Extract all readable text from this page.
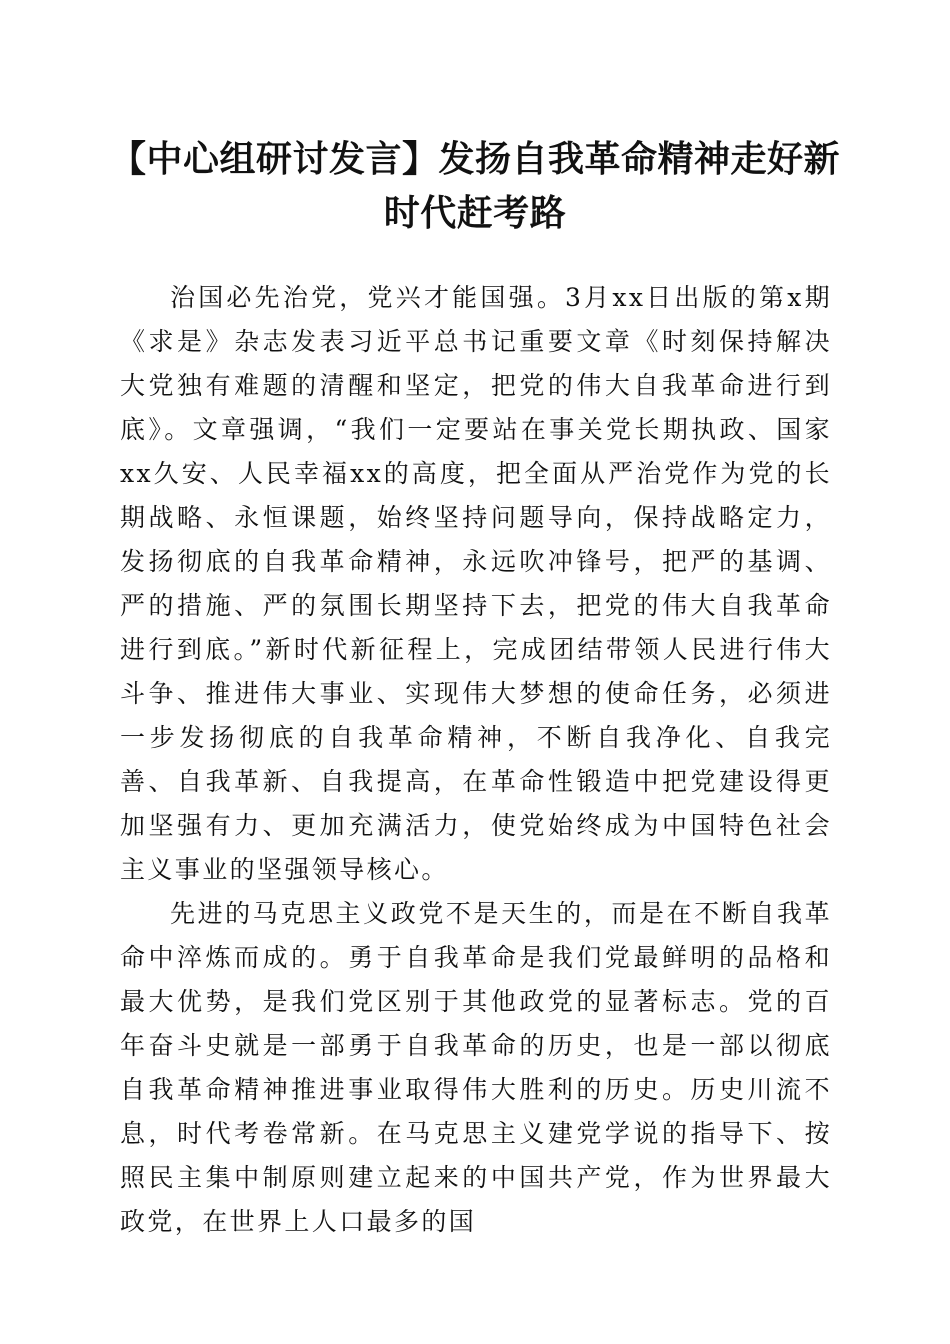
【中心组研讨发言】发扬自我革命精神走好新时代赶考路

治国必先治党，党兴才能国强。3月xx日出版的第x期《求是》杂志发表习近平总书记重要文章《时刻保持解决大党独有难题的清醒和坚定，把党的伟大自我革命进行到底》。文章强调，“我们一定要站在事关党长期执政、国家xx久安、人民幸福xx的高度，把全面从严治党作为党的长期战略、永恒课题，始终坚持问题导向，保持战略定力，发扬彻底的自我革命精神，永远吹冲锋号，把严的基调、严的措施、严的氛围长期坚持下去，把党的伟大自我革命进行到底。”新时代新征程上，完成团结带领人民进行伟大斗争、推进伟大事业、实现伟大梦想的使命任务，必须进一步发扬彻底的自我革命精神，不断自我净化、自我完善、自我革新、自我提高，在革命性锻造中把党建设得更加坚强有力、更加充满活力，使党始终成为中国特色社会主义事业的坚强领导核心。

先进的马克思主义政党不是天生的，而是在不断自我革命中淬炼而成的。勇于自我革命是我们党最鲜明的品格和最大优势，是我们党区别于其他政党的显著标志。党的百年奋斗史就是一部勇于自我革命的历史，也是一部以彻底自我革命精神推进事业取得伟大胜利的历史。历史川流不息，时代考卷常新。在马克思主义建党学说的指导下、按照民主集中制原则建立起来的中国共产党，作为世界最大政党，在世界上人口最多的国
